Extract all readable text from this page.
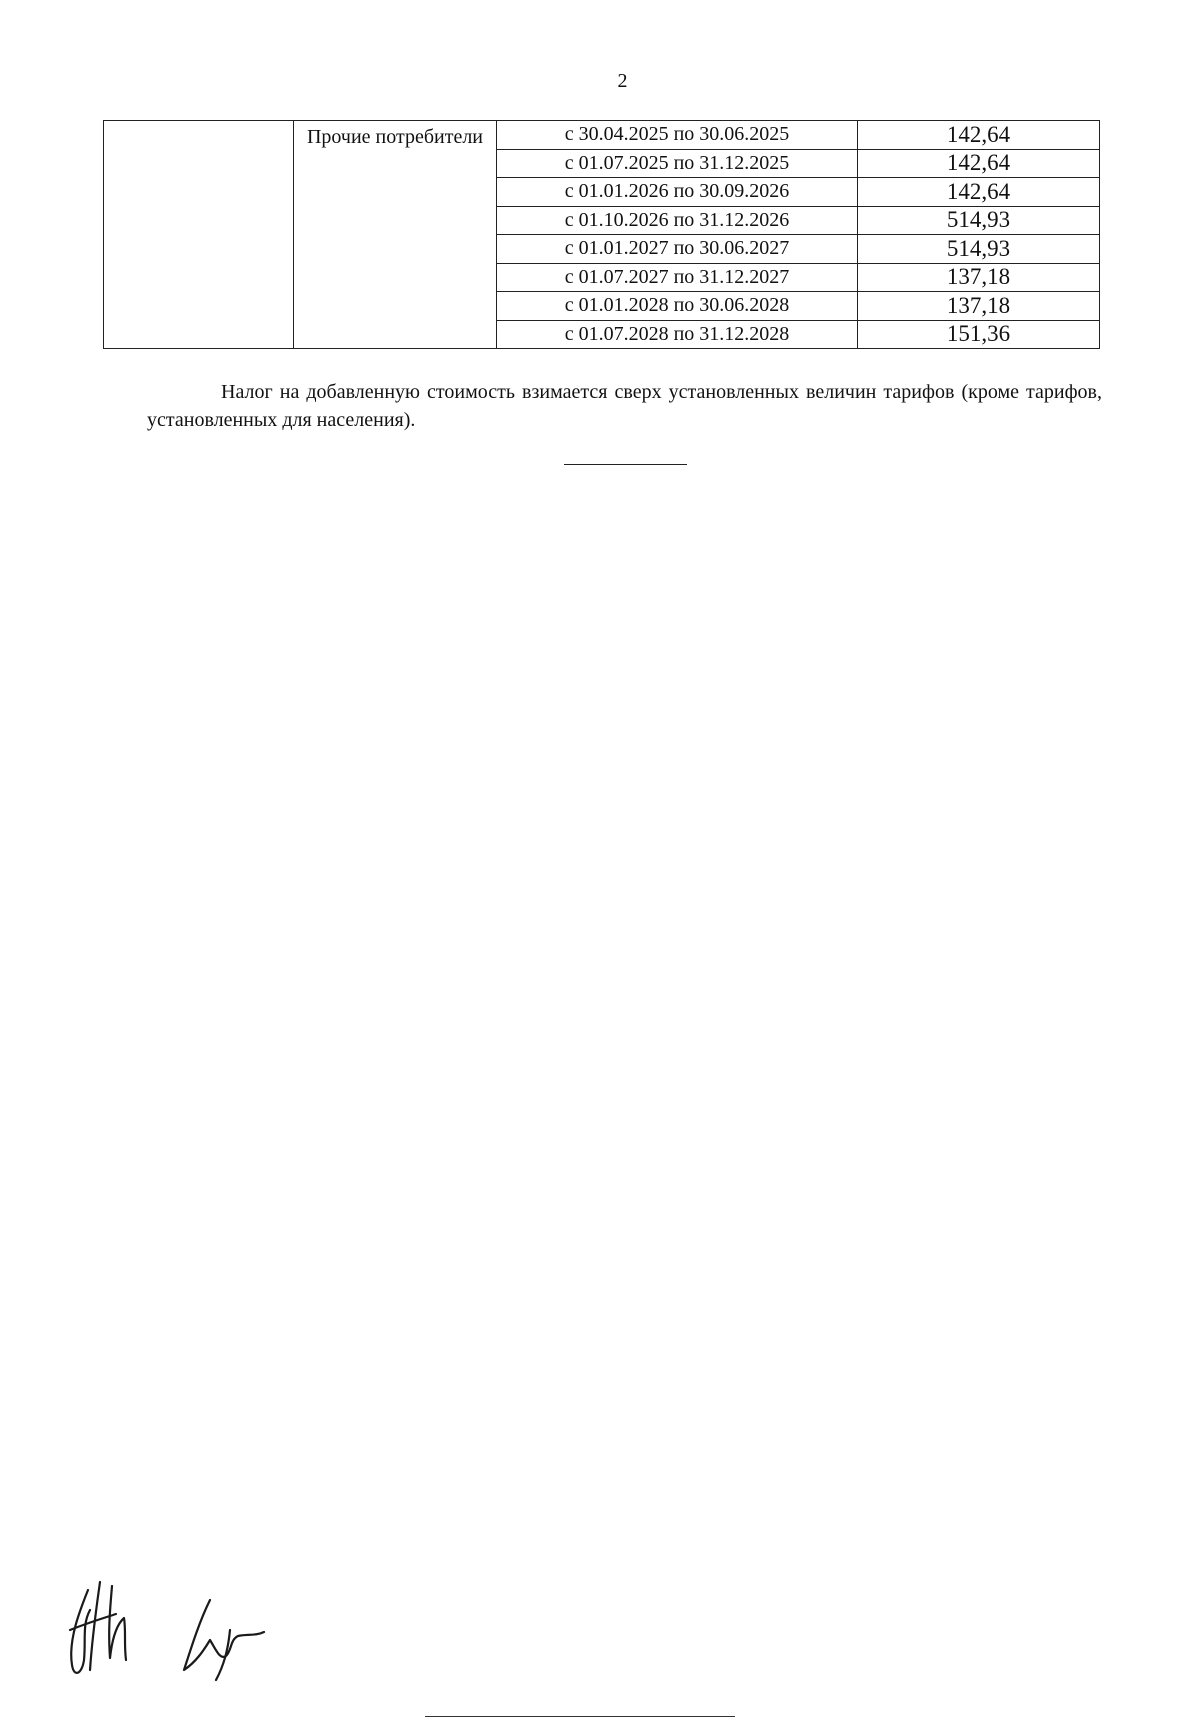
2
	Прочие потребители	с 30.04.2025 по 30.06.2025	142,64
		с 01.07.2025 по 31.12.2025	142,64
		с 01.01.2026 по 30.09.2026	142,64
		с 01.10.2026 по 31.12.2026	514,93
		с 01.01.2027 по 30.06.2027	514,93
		с 01.07.2027 по 31.12.2027	137,18
		с 01.01.2028 по 30.06.2028	137,18
		с 01.07.2028 по 31.12.2028	151,36

Налог на добавленную стоимость взимается сверх установленных величин тарифов (кроме тарифов, установленных для населения).
